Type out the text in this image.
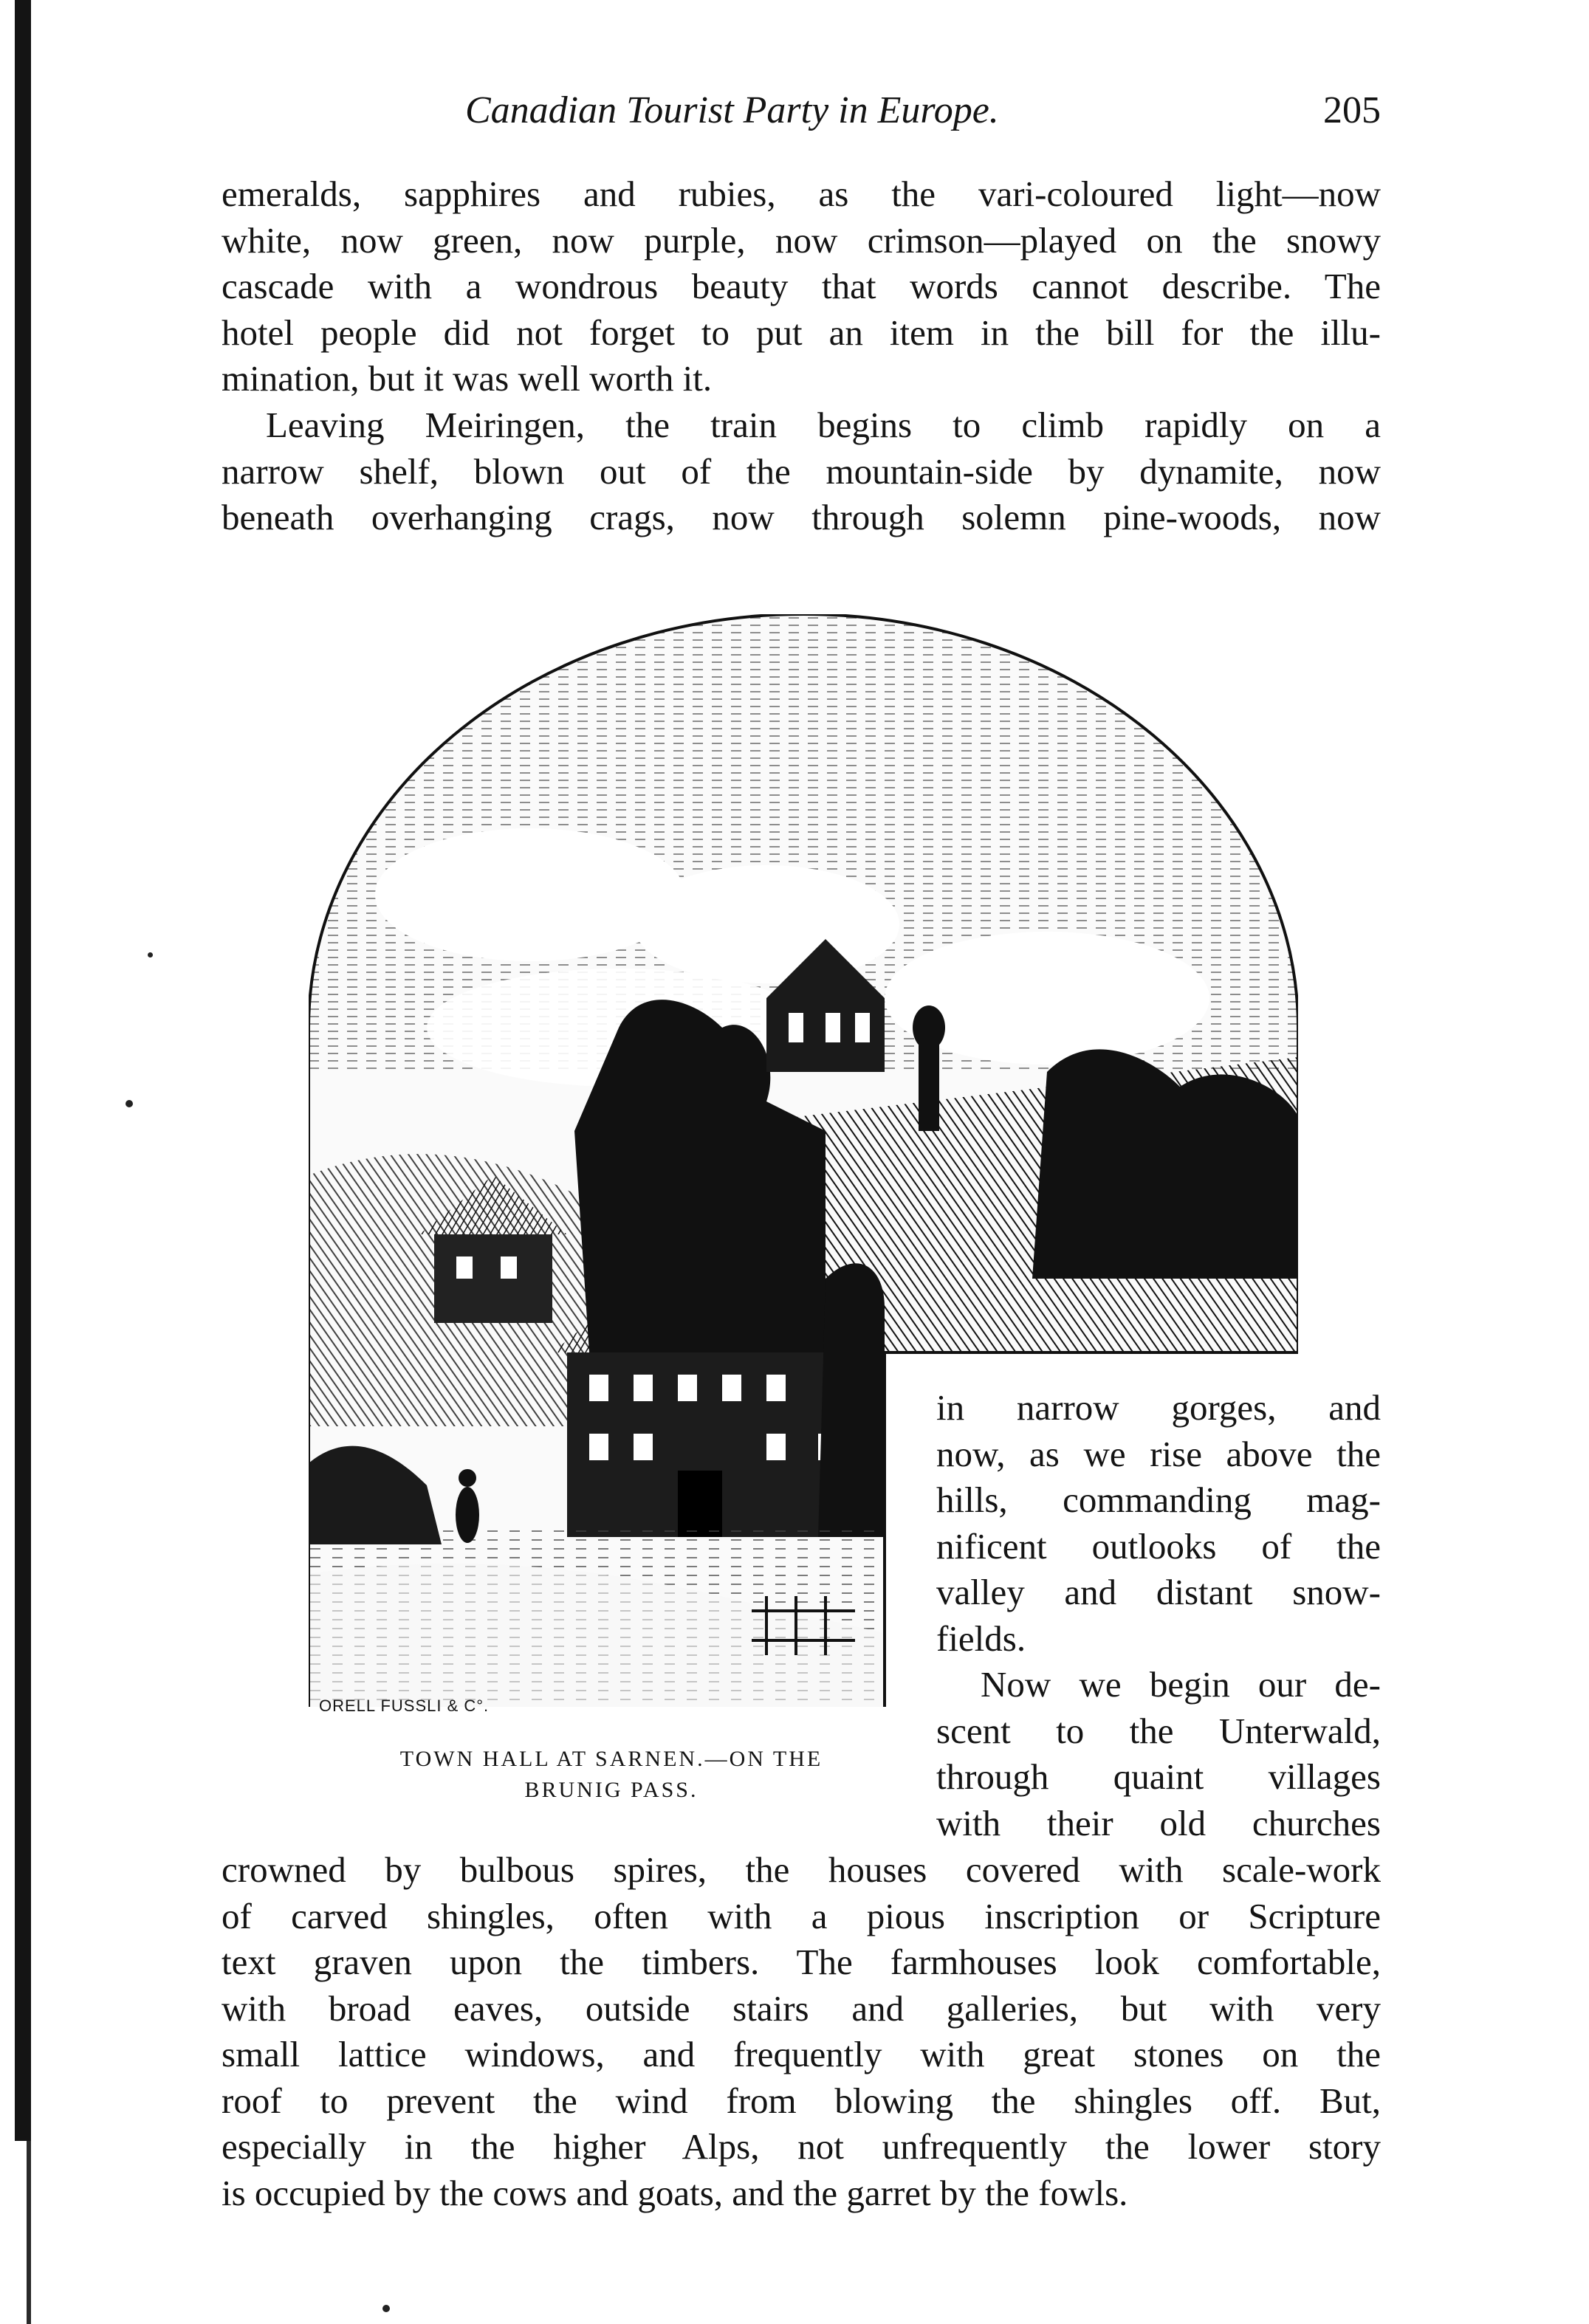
Canadian Tourist Party in Europe.	205
emeralds, sapphires and rubies, as the vari-coloured light—now
white, now green, now purple, now crimson—played on the snowy
cascade with a wondrous beauty that words cannot describe. The
hotel people did not forget to put an item in the bill for the illu-
mination, but it was well worth it.
Leaving Meiringen, the train begins to climb rapidly on a
narrow shelf, blown out of the mountain-side by dynamite, now
beneath overhanging crags, now through solemn pine-woods, now
ORELL FUSSLI & C°.
TOWN HALL AT SARNEN.—ON THE
BRUNIG PASS.
in narrow gorges, and
now, as we rise above the
hills, commanding mag-
nificent outlooks of the
valley and distant snow-
fields.
Now we begin our de-
scent to the Unterwald,
through quaint villages
with their old churches
crowned by bulbous spires, the houses covered with scale-work
of carved shingles, often with a pious inscription or Scripture
text graven upon the timbers. The farmhouses look comfortable,
with broad eaves, outside stairs and galleries, but with very
small lattice windows, and frequently with great stones on the
roof to prevent the wind from blowing the shingles off. But,
especially in the higher Alps, not unfrequently the lower story
is occupied by the cows and goats, and the garret by the fowls.
